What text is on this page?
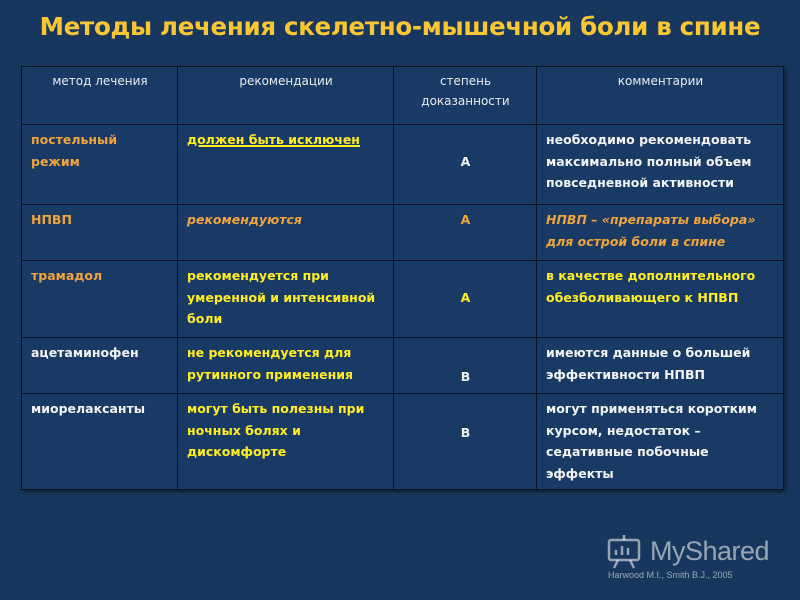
Методы лечения скелетно-мышечной боли в спине
метод лечения	рекомендации	степень доказанности	комментарии
постельный режим	должен быть исключен	A	необходимо рекомендовать максимально полный объем повседневной активности
НПВП	рекомендуются	A	НПВП – «препараты выбора» для острой боли в спине
трамадол	рекомендуется при умеренной и интенсивной боли	A	в качестве дополнительного обезболивающего к НПВП
ацетаминофен	не рекомендуется для рутинного применения	B	имеются данные о большей эффективности НПВП
миорелаксанты	могут быть полезны при ночных болях и дискомфорте	B	могут применяться коротким курсом, недостаток – седативные побочные эффекты
MyShared
Harwood M.I., Smith B.J., 2005
